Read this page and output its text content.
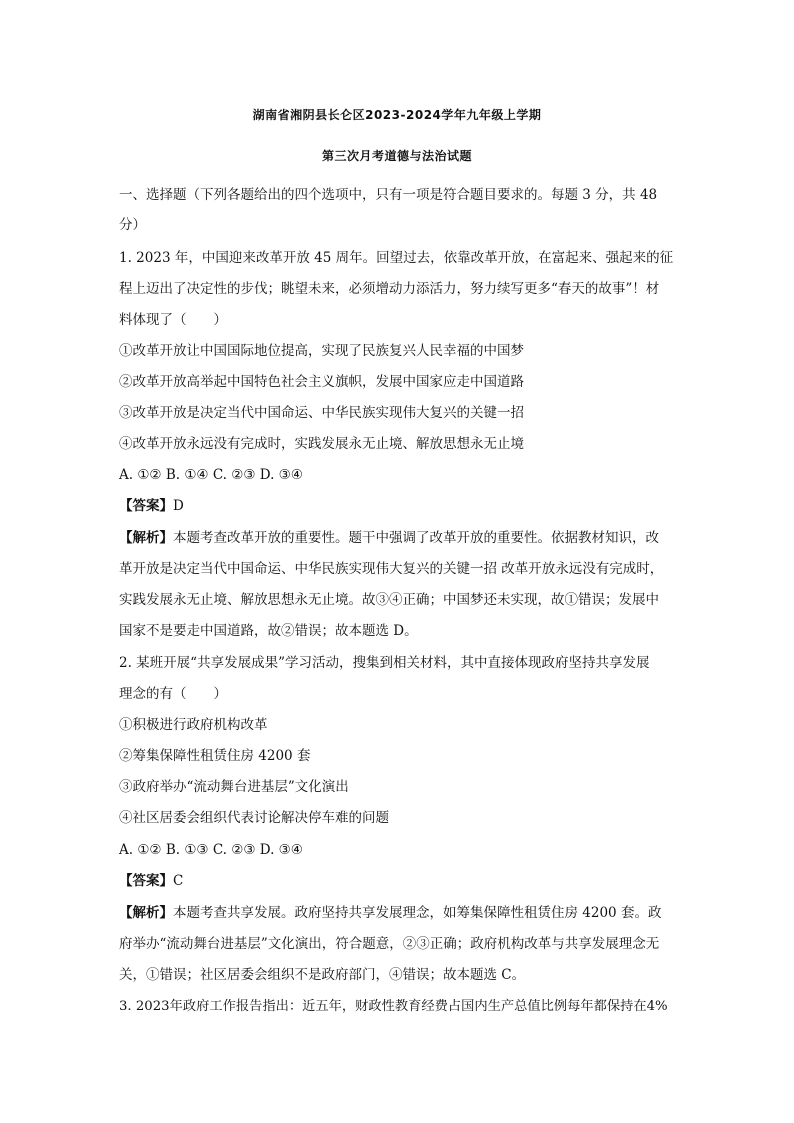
湖南省湘阴县长仑区2023-2024学年九年级上学期
第三次月考道德与法治试题
一、选择题（下列各题给出的四个选项中，只有一项是符合题目要求的。每题 3 分，共 48
分）
1. 2023 年，中国迎来改革开放 45 周年。回望过去，依靠改革开放，在富起来、强起来的征
程上迈出了决定性的步伐；眺望未来，必须增动力添活力，努力续写更多“春天的故事”！材
料体现了（　　）
①改革开放让中国国际地位提高，实现了民族复兴人民幸福的中国梦
②改革开放高举起中国特色社会主义旗帜，发展中国家应走中国道路
③改革开放是决定当代中国命运、中华民族实现伟大复兴的关键一招
④改革开放永远没有完成时，实践发展永无止境、解放思想永无止境
A. ①② B. ①④ C. ②③ D. ③④
【答案】D
【解析】本题考查改革开放的重要性。题干中强调了改革开放的重要性。依据教材知识，改
革开放是决定当代中国命运、中华民族实现伟大复兴的关键一招 改革开放永远没有完成时，
实践发展永无止境、解放思想永无止境。故③④正确；中国梦还未实现，故①错误；发展中
国家不是要走中国道路，故②错误；故本题选 D。
2. 某班开展“共享发展成果”学习活动，搜集到相关材料，其中直接体现政府坚持共享发展
理念的有（　　）
①积极进行政府机构改革
②筹集保障性租赁住房 4200 套
③政府举办“流动舞台进基层”文化演出
④社区居委会组织代表讨论解决停车难的问题
A. ①② B. ①③ C. ②③ D. ③④
【答案】C
【解析】本题考查共享发展。政府坚持共享发展理念，如筹集保障性租赁住房 4200 套。政
府举办“流动舞台进基层”文化演出，符合题意，②③正确；政府机构改革与共享发展理念无
关，①错误；社区居委会组织不是政府部门，④错误；故本题选 C。
3. 2023年政府工作报告指出：近五年，财政性教育经费占国内生产总值比例每年都保持在4%
